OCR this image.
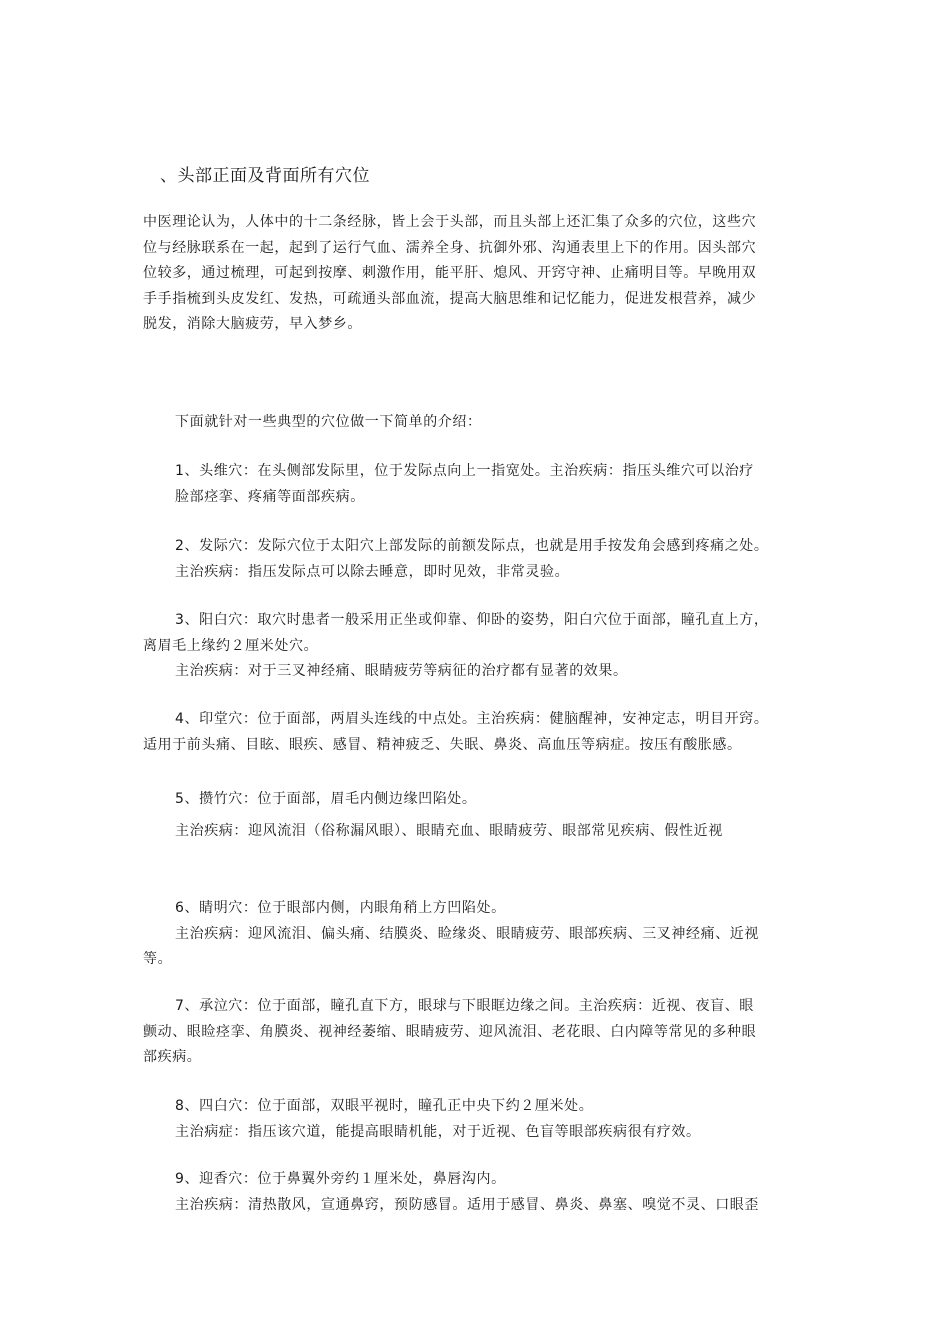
、头部正面及背面所有穴位
中医理论认为，人体中的十二条经脉，皆上会于头部，而且头部上还汇集了众多的穴位，这些穴
位与经脉联系在一起，起到了运行气血、濡养全身、抗御外邪、沟通表里上下的作用。因头部穴
位较多，通过梳理，可起到按摩、刺激作用，能平肝、熄风、开窍守神、止痛明目等。早晚用双
手手指梳到头皮发红、发热，可疏通头部血流，提高大脑思维和记忆能力，促进发根营养，减少
脱发，消除大脑疲劳，早入梦乡。
下面就针对一些典型的穴位做一下简单的介绍：
1、头维穴：在头侧部发际里，位于发际点向上一指宽处。主治疾病：指压头维穴可以治疗
脸部痉挛、疼痛等面部疾病。
2、发际穴：发际穴位于太阳穴上部发际的前额发际点，也就是用手按发角会感到疼痛之处。
主治疾病：指压发际点可以除去睡意，即时见效，非常灵验。
3、阳白穴：取穴时患者一般采用正坐或仰靠、仰卧的姿势，阳白穴位于面部，瞳孔直上方，
离眉毛上缘约２厘米处穴。
主治疾病：对于三叉神经痛、眼睛疲劳等病征的治疗都有显著的效果。
4、印堂穴：位于面部，两眉头连线的中点处。主治疾病：健脑醒神，安神定志，明目开窍。
适用于前头痛、目眩、眼疾、感冒、精神疲乏、失眠、鼻炎、高血压等病症。按压有酸胀感。
5、攒竹穴：位于面部，眉毛内侧边缘凹陷处。
主治疾病：迎风流泪（俗称漏风眼）、眼睛充血、眼睛疲劳、眼部常见疾病、假性近视
6、睛明穴：位于眼部内侧，内眼角稍上方凹陷处。
主治疾病：迎风流泪、偏头痛、结膜炎、睑缘炎、眼睛疲劳、眼部疾病、三叉神经痛、近视
等。
7、承泣穴：位于面部，瞳孔直下方，眼球与下眼眶边缘之间。主治疾病：近视、夜盲、眼
颤动、眼睑痉挛、角膜炎、视神经萎缩、眼睛疲劳、迎风流泪、老花眼、白内障等常见的多种眼
部疾病。
8、四白穴：位于面部，双眼平视时，瞳孔正中央下约２厘米处。
主治病症：指压该穴道，能提高眼睛机能，对于近视、色盲等眼部疾病很有疗效。
9、迎香穴：位于鼻翼外旁约１厘米处，鼻唇沟内。
主治疾病：清热散风，宣通鼻窍，预防感冒。适用于感冒、鼻炎、鼻塞、嗅觉不灵、口眼歪
